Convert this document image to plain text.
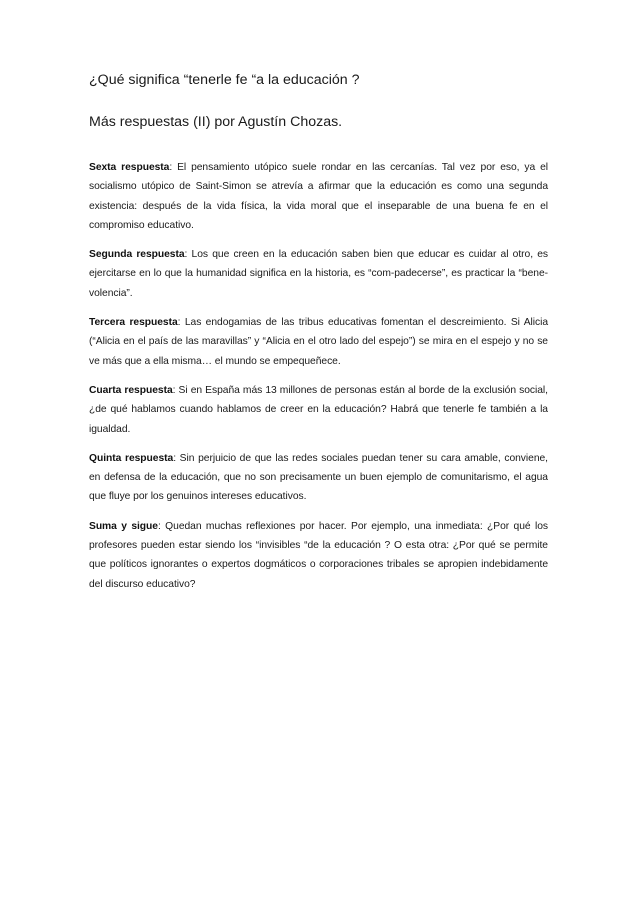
¿Qué significa “tenerle fe “a la educación ?
Más respuestas (II) por Agustín Chozas.

Sexta respuesta: El pensamiento utópico suele rondar en las cercanías. Tal vez por eso, ya el socialismo utópico de Saint-Simon se atrevía a afirmar que la educación es como una segunda existencia: después de la vida física, la vida moral que el inseparable de una buena fe en el compromiso educativo.

Segunda respuesta: Los que creen en la educación saben bien que educar es cuidar al otro, es ejercitarse en lo que la humanidad significa en la historia, es “com-padecerse”, es practicar la “bene-volencia”.

Tercera respuesta: Las endogamias de las tribus educativas fomentan el descreimiento. Si Alicia (“Alicia en el país de las maravillas” y “Alicia en el otro lado del espejo”) se mira en el espejo y no se ve más que a ella misma… el mundo se empequeñece.

Cuarta respuesta: Si en España más 13 millones de personas están al borde de la exclusión social, ¿de qué hablamos cuando hablamos de creer en la educación? Habrá que tenerle fe también a la igualdad.

Quinta respuesta: Sin perjuicio de que las redes sociales puedan tener su cara amable, conviene, en defensa de la educación, que no son precisamente un buen ejemplo de comunitarismo, el agua que fluye por los genuinos intereses educativos.

Suma y sigue: Quedan muchas reflexiones por hacer. Por ejemplo, una inmediata: ¿Por qué los profesores pueden estar siendo los “invisibles “de la educación ? O esta otra: ¿Por qué se permite que políticos ignorantes o expertos dogmáticos o corporaciones tribales se apropien indebidamente del discurso educativo?
